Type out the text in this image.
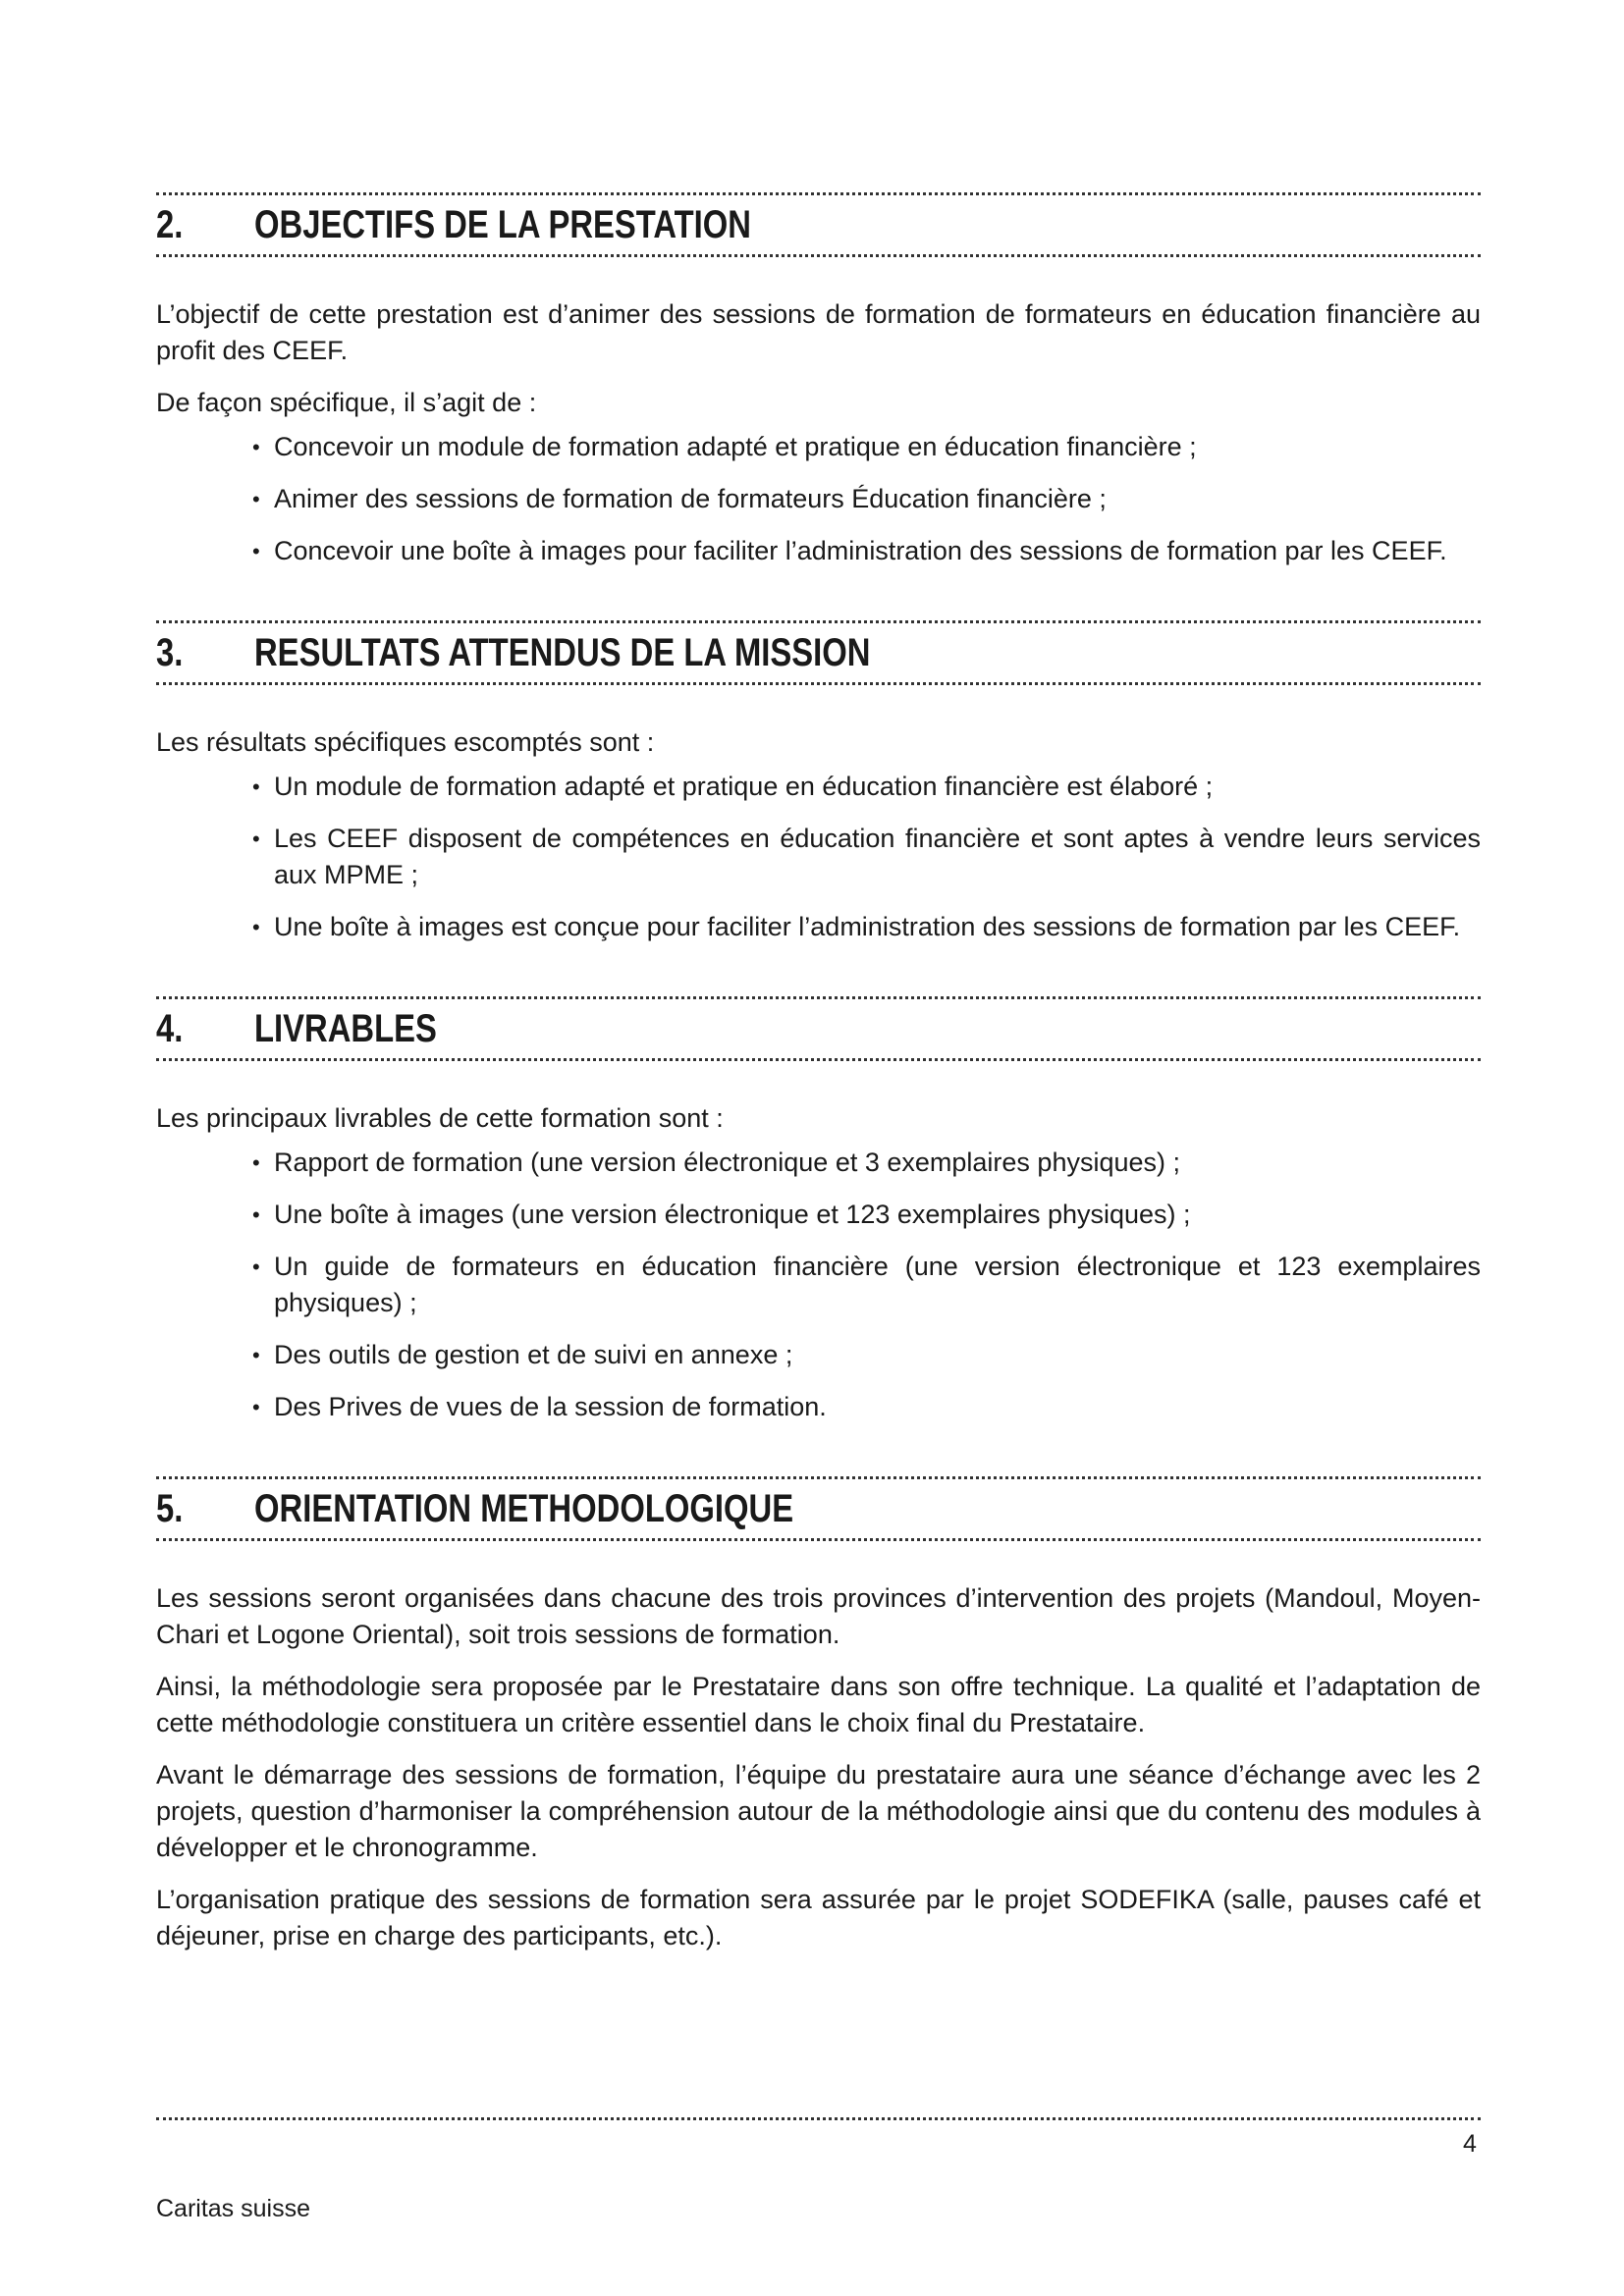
2.	OBJECTIFS DE LA PRESTATION

L’objectif de cette prestation est d’animer des sessions de formation de formateurs en éducation financière au profit des CEEF.

De façon spécifique, il s’agit de :

• Concevoir un module de formation adapté et pratique en éducation financière ;
• Animer des sessions de formation de formateurs Éducation financière ;
• Concevoir une boîte à images pour faciliter l’administration des sessions de formation par les CEEF.
3.	RESULTATS ATTENDUS DE LA MISSION

Les résultats spécifiques escomptés sont :

• Un module de formation adapté et pratique en éducation financière est élaboré ;
• Les CEEF disposent de compétences en éducation financière et sont aptes à vendre leurs services aux MPME ;
• Une boîte à images est conçue pour faciliter l’administration des sessions de formation par les CEEF.
4.	LIVRABLES

Les principaux livrables de cette formation sont :

• Rapport de formation (une version électronique et 3 exemplaires physiques) ;
• Une boîte à images (une version électronique et 123 exemplaires physiques) ;
• Un guide de formateurs en éducation financière (une version électronique et 123 exemplaires physiques) ;
• Des outils de gestion et de suivi en annexe ;
• Des Prives de vues de la session de formation.
5.	ORIENTATION METHODOLOGIQUE

Les sessions seront organisées dans chacune des trois provinces d’intervention des projets (Mandoul, Moyen-Chari et Logone Oriental), soit trois sessions de formation.

Ainsi, la méthodologie sera proposée par le Prestataire dans son offre technique. La qualité et l’adaptation de cette méthodologie constituera un critère essentiel dans le choix final du Prestataire.

Avant le démarrage des sessions de formation, l’équipe du prestataire aura une séance d’échange avec les 2 projets, question d’harmoniser la compréhension autour de la méthodologie ainsi que du contenu des modules à développer et le chronogramme.

L’organisation pratique des sessions de formation sera assurée par le projet SODEFIKA (salle, pauses café et déjeuner, prise en charge des participants, etc.).

4
Caritas suisse
